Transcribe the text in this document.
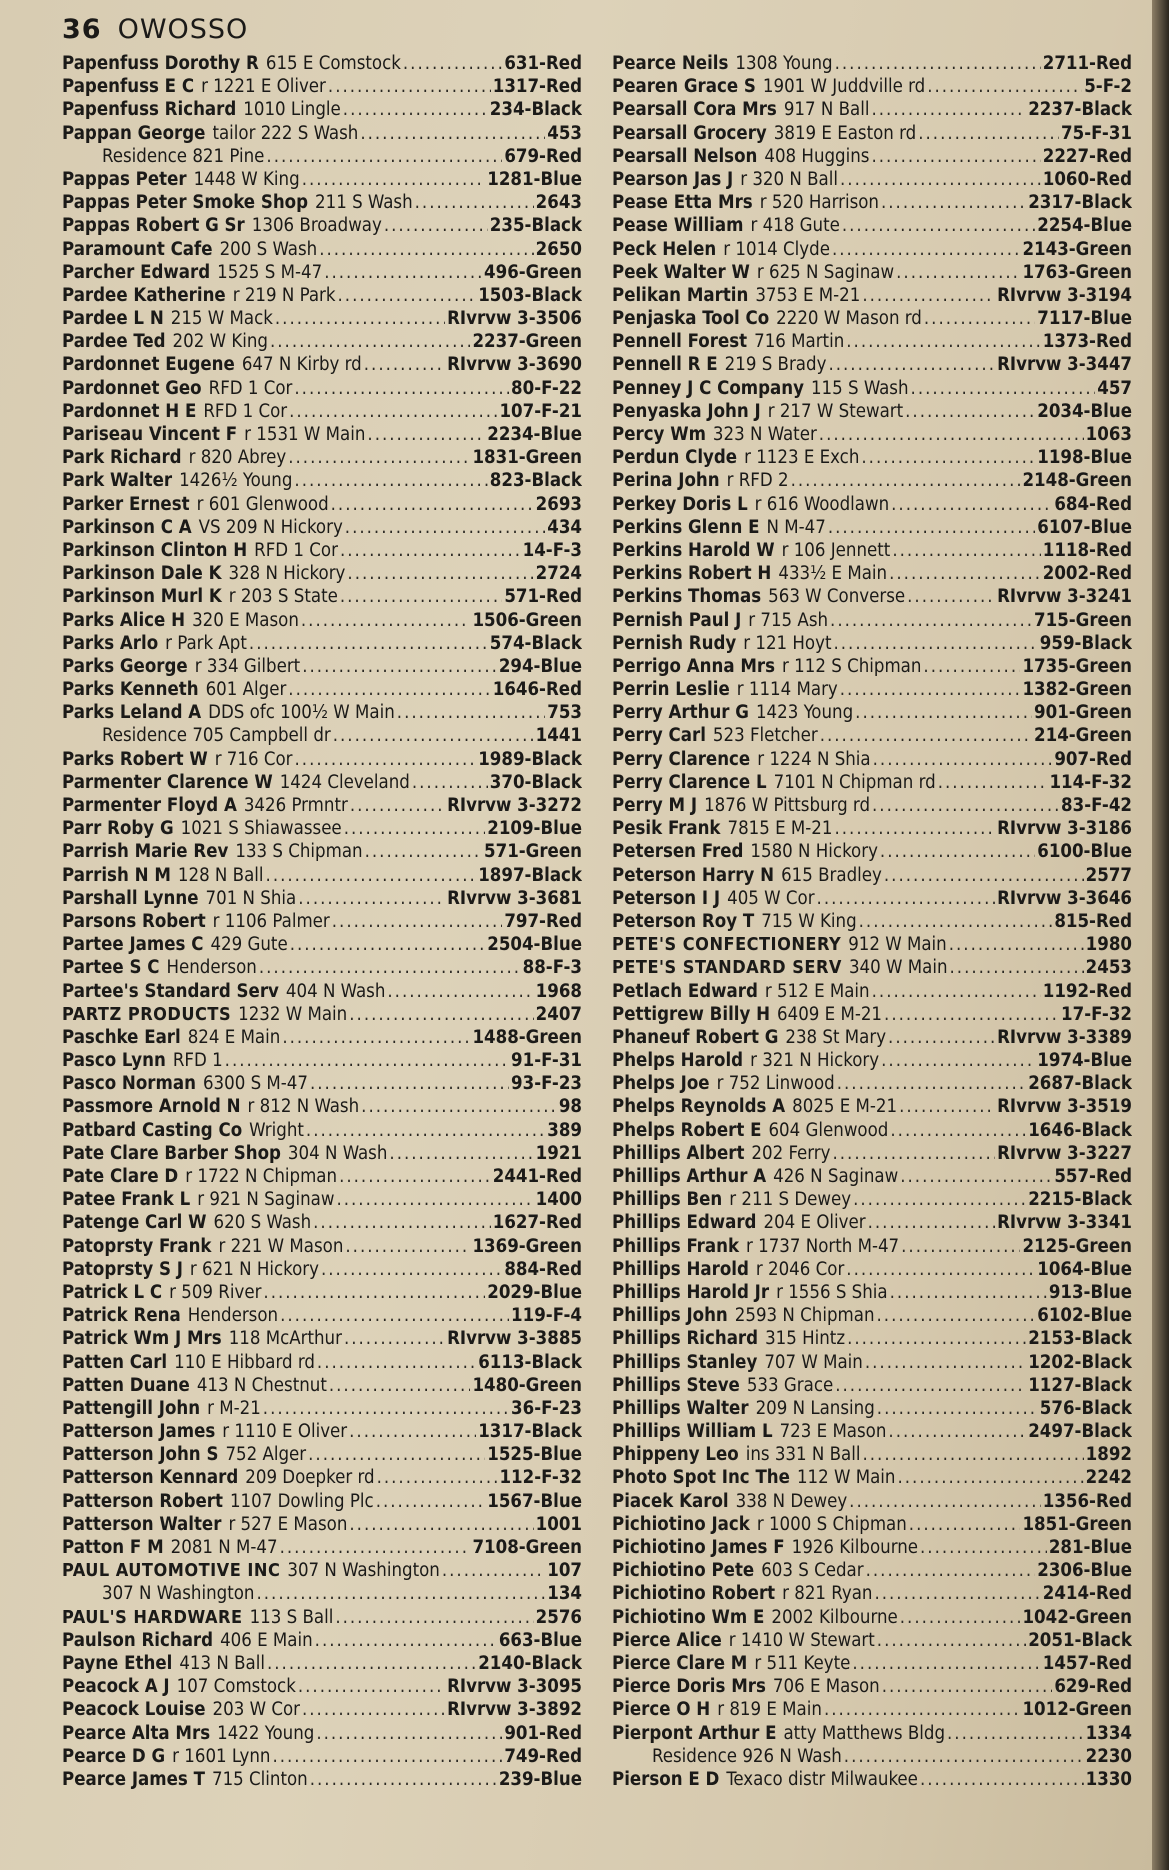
36 OWOSSO
Papenfuss Dorothy R 615 E Comstock .....	631-Red
Papenfuss E C r 1221 E Oliver .....	1317-Red
Papenfuss Richard 1010 Lingle .....	234-Black
Pappan George tailor 222 S Wash .....	453
Residence 821 Pine .....	679-Red
Pappas Peter 1448 W King .....	1281-Blue
Pappas Peter Smoke Shop 211 S Wash .....	2643
Pappas Robert G Sr 1306 Broadway .....	235-Black
Paramount Cafe 200 S Wash .....	2650
Parcher Edward 1525 S M-47 .....	496-Green
Pardee Katherine r 219 N Park .....	1503-Black
Pardee L N 215 W Mack .....	RIvrvw 3-3506
Pardee Ted 202 W King .....	2237-Green
Pardonnet Eugene 647 N Kirby rd .....	RIvrvw 3-3690
Pardonnet Geo RFD 1 Cor .....	80-F-22
Pardonnet H E RFD 1 Cor .....	107-F-21
Pariseau Vincent F r 1531 W Main .....	2234-Blue
Park Richard r 820 Abrey .....	1831-Green
Park Walter 1426½ Young .....	823-Black
Parker Ernest r 601 Glenwood .....	2693
Parkinson C A VS 209 N Hickory .....	434
Parkinson Clinton H RFD 1 Cor .....	14-F-3
Parkinson Dale K 328 N Hickory .....	2724
Parkinson Murl K r 203 S State .....	571-Red
Parks Alice H 320 E Mason .....	1506-Green
Parks Arlo r Park Apt .....	574-Black
Parks George r 334 Gilbert .....	294-Blue
Parks Kenneth 601 Alger .....	1646-Red
Parks Leland A DDS ofc 100½ W Main .....	753
Residence 705 Campbell dr .....	1441
Parks Robert W r 716 Cor .....	1989-Black
Parmenter Clarence W 1424 Cleveland .....	370-Black
Parmenter Floyd A 3426 Prmntr .....	RIvrvw 3-3272
Parr Roby G 1021 S Shiawassee .....	2109-Blue
Parrish Marie Rev 133 S Chipman .....	571-Green
Parrish N M 128 N Ball .....	1897-Black
Parshall Lynne 701 N Shia .....	RIvrvw 3-3681
Parsons Robert r 1106 Palmer .....	797-Red
Partee James C 429 Gute .....	2504-Blue
Partee S C Henderson .....	88-F-3
Partee's Standard Serv 404 N Wash .....	1968
PARTZ PRODUCTS 1232 W Main .....	2407
Paschke Earl 824 E Main .....	1488-Green
Pasco Lynn RFD 1 .....	91-F-31
Pasco Norman 6300 S M-47 .....	93-F-23
Passmore Arnold N r 812 N Wash .....	98
Patbard Casting Co Wright .....	389
Pate Clare Barber Shop 304 N Wash .....	1921
Pate Clare D r 1722 N Chipman .....	2441-Red
Patee Frank L r 921 N Saginaw .....	1400
Patenge Carl W 620 S Wash .....	1627-Red
Patoprsty Frank r 221 W Mason .....	1369-Green
Patoprsty S J r 621 N Hickory .....	884-Red
Patrick L C r 509 River .....	2029-Blue
Patrick Rena Henderson .....	119-F-4
Patrick Wm J Mrs 118 McArthur .....	RIvrvw 3-3885
Patten Carl 110 E Hibbard rd .....	6113-Black
Patten Duane 413 N Chestnut .....	1480-Green
Pattengill John r M-21 .....	36-F-23
Patterson James r 1110 E Oliver .....	1317-Black
Patterson John S 752 Alger .....	1525-Blue
Patterson Kennard 209 Doepker rd .....	112-F-32
Patterson Robert 1107 Dowling Plc .....	1567-Blue
Patterson Walter r 527 E Mason .....	1001
Patton F M 2081 N M-47 .....	7108-Green
PAUL AUTOMOTIVE INC 307 N Washington .....	107
307 N Washington .....	134
PAUL'S HARDWARE 113 S Ball .....	2576
Paulson Richard 406 E Main .....	663-Blue
Payne Ethel 413 N Ball .....	2140-Black
Peacock A J 107 Comstock .....	RIvrvw 3-3095
Peacock Louise 203 W Cor .....	RIvrvw 3-3892
Pearce Alta Mrs 1422 Young .....	901-Red
Pearce D G r 1601 Lynn .....	749-Red
Pearce James T 715 Clinton .....	239-Blue
Pearce Neils 1308 Young .....	2711-Red
Pearen Grace S 1901 W Juddville rd .....	5-F-2
Pearsall Cora Mrs 917 N Ball .....	2237-Black
Pearsall Grocery 3819 E Easton rd .....	75-F-31
Pearsall Nelson 408 Huggins .....	2227-Red
Pearson Jas J r 320 N Ball .....	1060-Red
Pease Etta Mrs r 520 Harrison .....	2317-Black
Pease William r 418 Gute .....	2254-Blue
Peck Helen r 1014 Clyde .....	2143-Green
Peek Walter W r 625 N Saginaw .....	1763-Green
Pelikan Martin 3753 E M-21 .....	RIvrvw 3-3194
Penjaska Tool Co 2220 W Mason rd .....	7117-Blue
Pennell Forest 716 Martin .....	1373-Red
Pennell R E 219 S Brady .....	RIvrvw 3-3447
Penney J C Company 115 S Wash .....	457
Penyaska John J r 217 W Stewart .....	2034-Blue
Percy Wm 323 N Water .....	1063
Perdun Clyde r 1123 E Exch .....	1198-Blue
Perina John r RFD 2 .....	2148-Green
Perkey Doris L r 616 Woodlawn .....	684-Red
Perkins Glenn E N M-47 .....	6107-Blue
Perkins Harold W r 106 Jennett .....	1118-Red
Perkins Robert H 433½ E Main .....	2002-Red
Perkins Thomas 563 W Converse .....	RIvrvw 3-3241
Pernish Paul J r 715 Ash .....	715-Green
Pernish Rudy r 121 Hoyt .....	959-Black
Perrigo Anna Mrs r 112 S Chipman .....	1735-Green
Perrin Leslie r 1114 Mary .....	1382-Green
Perry Arthur G 1423 Young .....	901-Green
Perry Carl 523 Fletcher .....	214-Green
Perry Clarence r 1224 N Shia .....	907-Red
Perry Clarence L 7101 N Chipman rd .....	114-F-32
Perry M J 1876 W Pittsburg rd .....	83-F-42
Pesik Frank 7815 E M-21 .....	RIvrvw 3-3186
Petersen Fred 1580 N Hickory .....	6100-Blue
Peterson Harry N 615 Bradley .....	2577
Peterson I J 405 W Cor .....	RIvrvw 3-3646
Peterson Roy T 715 W King .....	815-Red
PETE'S CONFECTIONERY 912 W Main .....	1980
PETE'S STANDARD SERV 340 W Main .....	2453
Petlach Edward r 512 E Main .....	1192-Red
Pettigrew Billy H 6409 E M-21 .....	17-F-32
Phaneuf Robert G 238 St Mary .....	RIvrvw 3-3389
Phelps Harold r 321 N Hickory .....	1974-Blue
Phelps Joe r 752 Linwood .....	2687-Black
Phelps Reynolds A 8025 E M-21 .....	RIvrvw 3-3519
Phelps Robert E 604 Glenwood .....	1646-Black
Phillips Albert 202 Ferry .....	RIvrvw 3-3227
Phillips Arthur A 426 N Saginaw .....	557-Red
Phillips Ben r 211 S Dewey .....	2215-Black
Phillips Edward 204 E Oliver .....	RIvrvw 3-3341
Phillips Frank r 1737 North M-47 .....	2125-Green
Phillips Harold r 2046 Cor .....	1064-Blue
Phillips Harold Jr r 1556 S Shia .....	913-Blue
Phillips John 2593 N Chipman .....	6102-Blue
Phillips Richard 315 Hintz .....	2153-Black
Phillips Stanley 707 W Main .....	1202-Black
Phillips Steve 533 Grace .....	1127-Black
Phillips Walter 209 N Lansing .....	576-Black
Phillips William L 723 E Mason .....	2497-Black
Phippeny Leo ins 331 N Ball .....	1892
Photo Spot Inc The 112 W Main .....	2242
Piacek Karol 338 N Dewey .....	1356-Red
Pichiotino Jack r 1000 S Chipman .....	1851-Green
Pichiotino James F 1926 Kilbourne .....	281-Blue
Pichiotino Pete 603 S Cedar .....	2306-Blue
Pichiotino Robert r 821 Ryan .....	2414-Red
Pichiotino Wm E 2002 Kilbourne .....	1042-Green
Pierce Alice r 1410 W Stewart .....	2051-Black
Pierce Clare M r 511 Keyte .....	1457-Red
Pierce Doris Mrs 706 E Mason .....	629-Red
Pierce O H r 819 E Main .....	1012-Green
Pierpont Arthur E atty Matthews Bldg .....	1334
Residence 926 N Wash .....	2230
Pierson E D Texaco distr Milwaukee .....	1330
